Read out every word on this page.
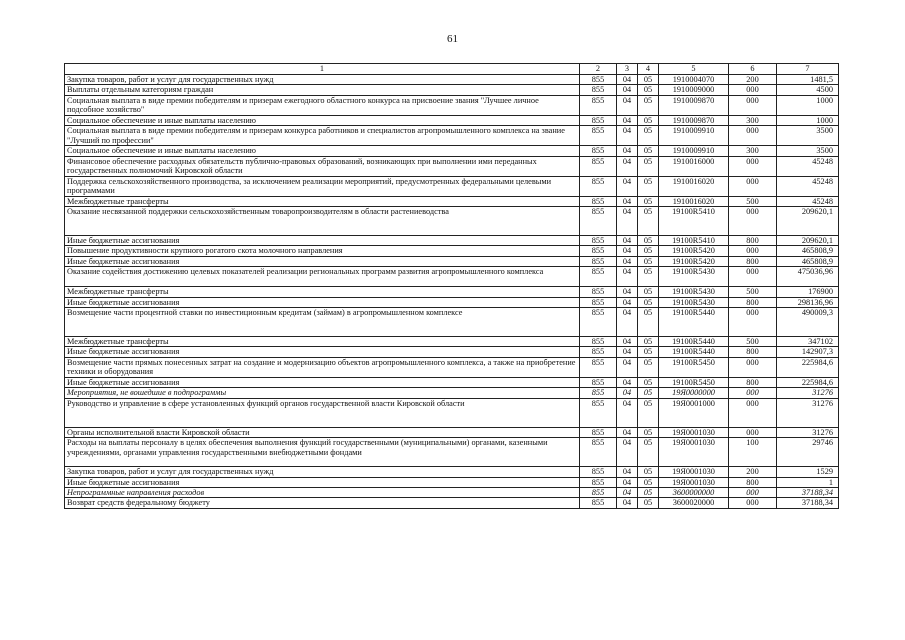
61
1	2	3	4	5	6	7
Закупка товаров, работ и услуг для государственных нужд	855	04	05	1910004070	200	1481,5
Выплаты отдельным категориям граждан	855	04	05	1910009000	000	4500
Социальная выплата в виде премии победителям и призерам ежегодного областного конкурса на присвоение звания "Лучшее личное подсобное хозяйство"	855	04	05	1910009870	000	1000
Социальное обеспечение и иные выплаты населению	855	04	05	1910009870	300	1000
Социальная выплата в виде премии победителям и призерам конкурса работников и специалистов агропромышленного комплекса на звание "Лучший по профессии"	855	04	05	1910009910	000	3500
Социальное обеспечение и иные выплаты населению	855	04	05	1910009910	300	3500
Финансовое обеспечение расходных обязательств публично-правовых образований, возникающих при выполнении ими переданных государственных полномочий Кировской области	855	04	05	1910016000	000	45248
Поддержка сельскохозяйственного производства, за исключением реализации мероприятий, предусмотренных федеральными целевыми программами	855	04	05	1910016020	000	45248
Межбюджетные трансферты	855	04	05	1910016020	500	45248
Оказание несвязанной поддержки сельскохозяйственным товаропроизводителям в области растениеводства	855	04	05	19100R5410	000	209620,1
Иные бюджетные ассигнования	855	04	05	19100R5410	800	209620,1
Повышение продуктивности крупного рогатого скота молочного направления	855	04	05	19100R5420	000	465808,9
Иные бюджетные ассигнования	855	04	05	19100R5420	800	465808,9
Оказание содействия достижению целевых показателей реализации региональных программ развития агропромышленного комплекса	855	04	05	19100R5430	000	475036,96
Межбюджетные трансферты	855	04	05	19100R5430	500	176900
Иные бюджетные ассигнования	855	04	05	19100R5430	800	298136,96
Возмещение части процентной ставки по инвестиционным кредитам (займам) в агропромышленном комплексе	855	04	05	19100R5440	000	490009,3
Межбюджетные трансферты	855	04	05	19100R5440	500	347102
Иные бюджетные ассигнования	855	04	05	19100R5440	800	142907,3
Возмещение части прямых понесенных затрат на создание и модернизацию объектов агропромышленного комплекса, а также на приобретение техники и оборудования	855	04	05	19100R5450	000	225984,6
Иные бюджетные ассигнования	855	04	05	19100R5450	800	225984,6
Мероприятия, не вошедшие в подпрограммы	855	04	05	19Я0000000	000	31276
Руководство и управление в сфере установленных функций органов государственной власти Кировской области	855	04	05	19Я0001000	000	31276
Органы исполнительной власти Кировской области	855	04	05	19Я0001030	000	31276
Расходы на выплаты персоналу в целях обеспечения выполнения функций государственными (муниципальными) органами, казенными учреждениями, органами управления государственными внебюджетными фондами	855	04	05	19Я0001030	100	29746
Закупка товаров, работ и услуг для государственных нужд	855	04	05	19Я0001030	200	1529
Иные бюджетные ассигнования	855	04	05	19Я0001030	800	1
Непрограммные направления расходов	855	04	05	3600000000	000	37188,34
Возврат средств федеральному бюджету	855	04	05	3600020000	000	37188,34
